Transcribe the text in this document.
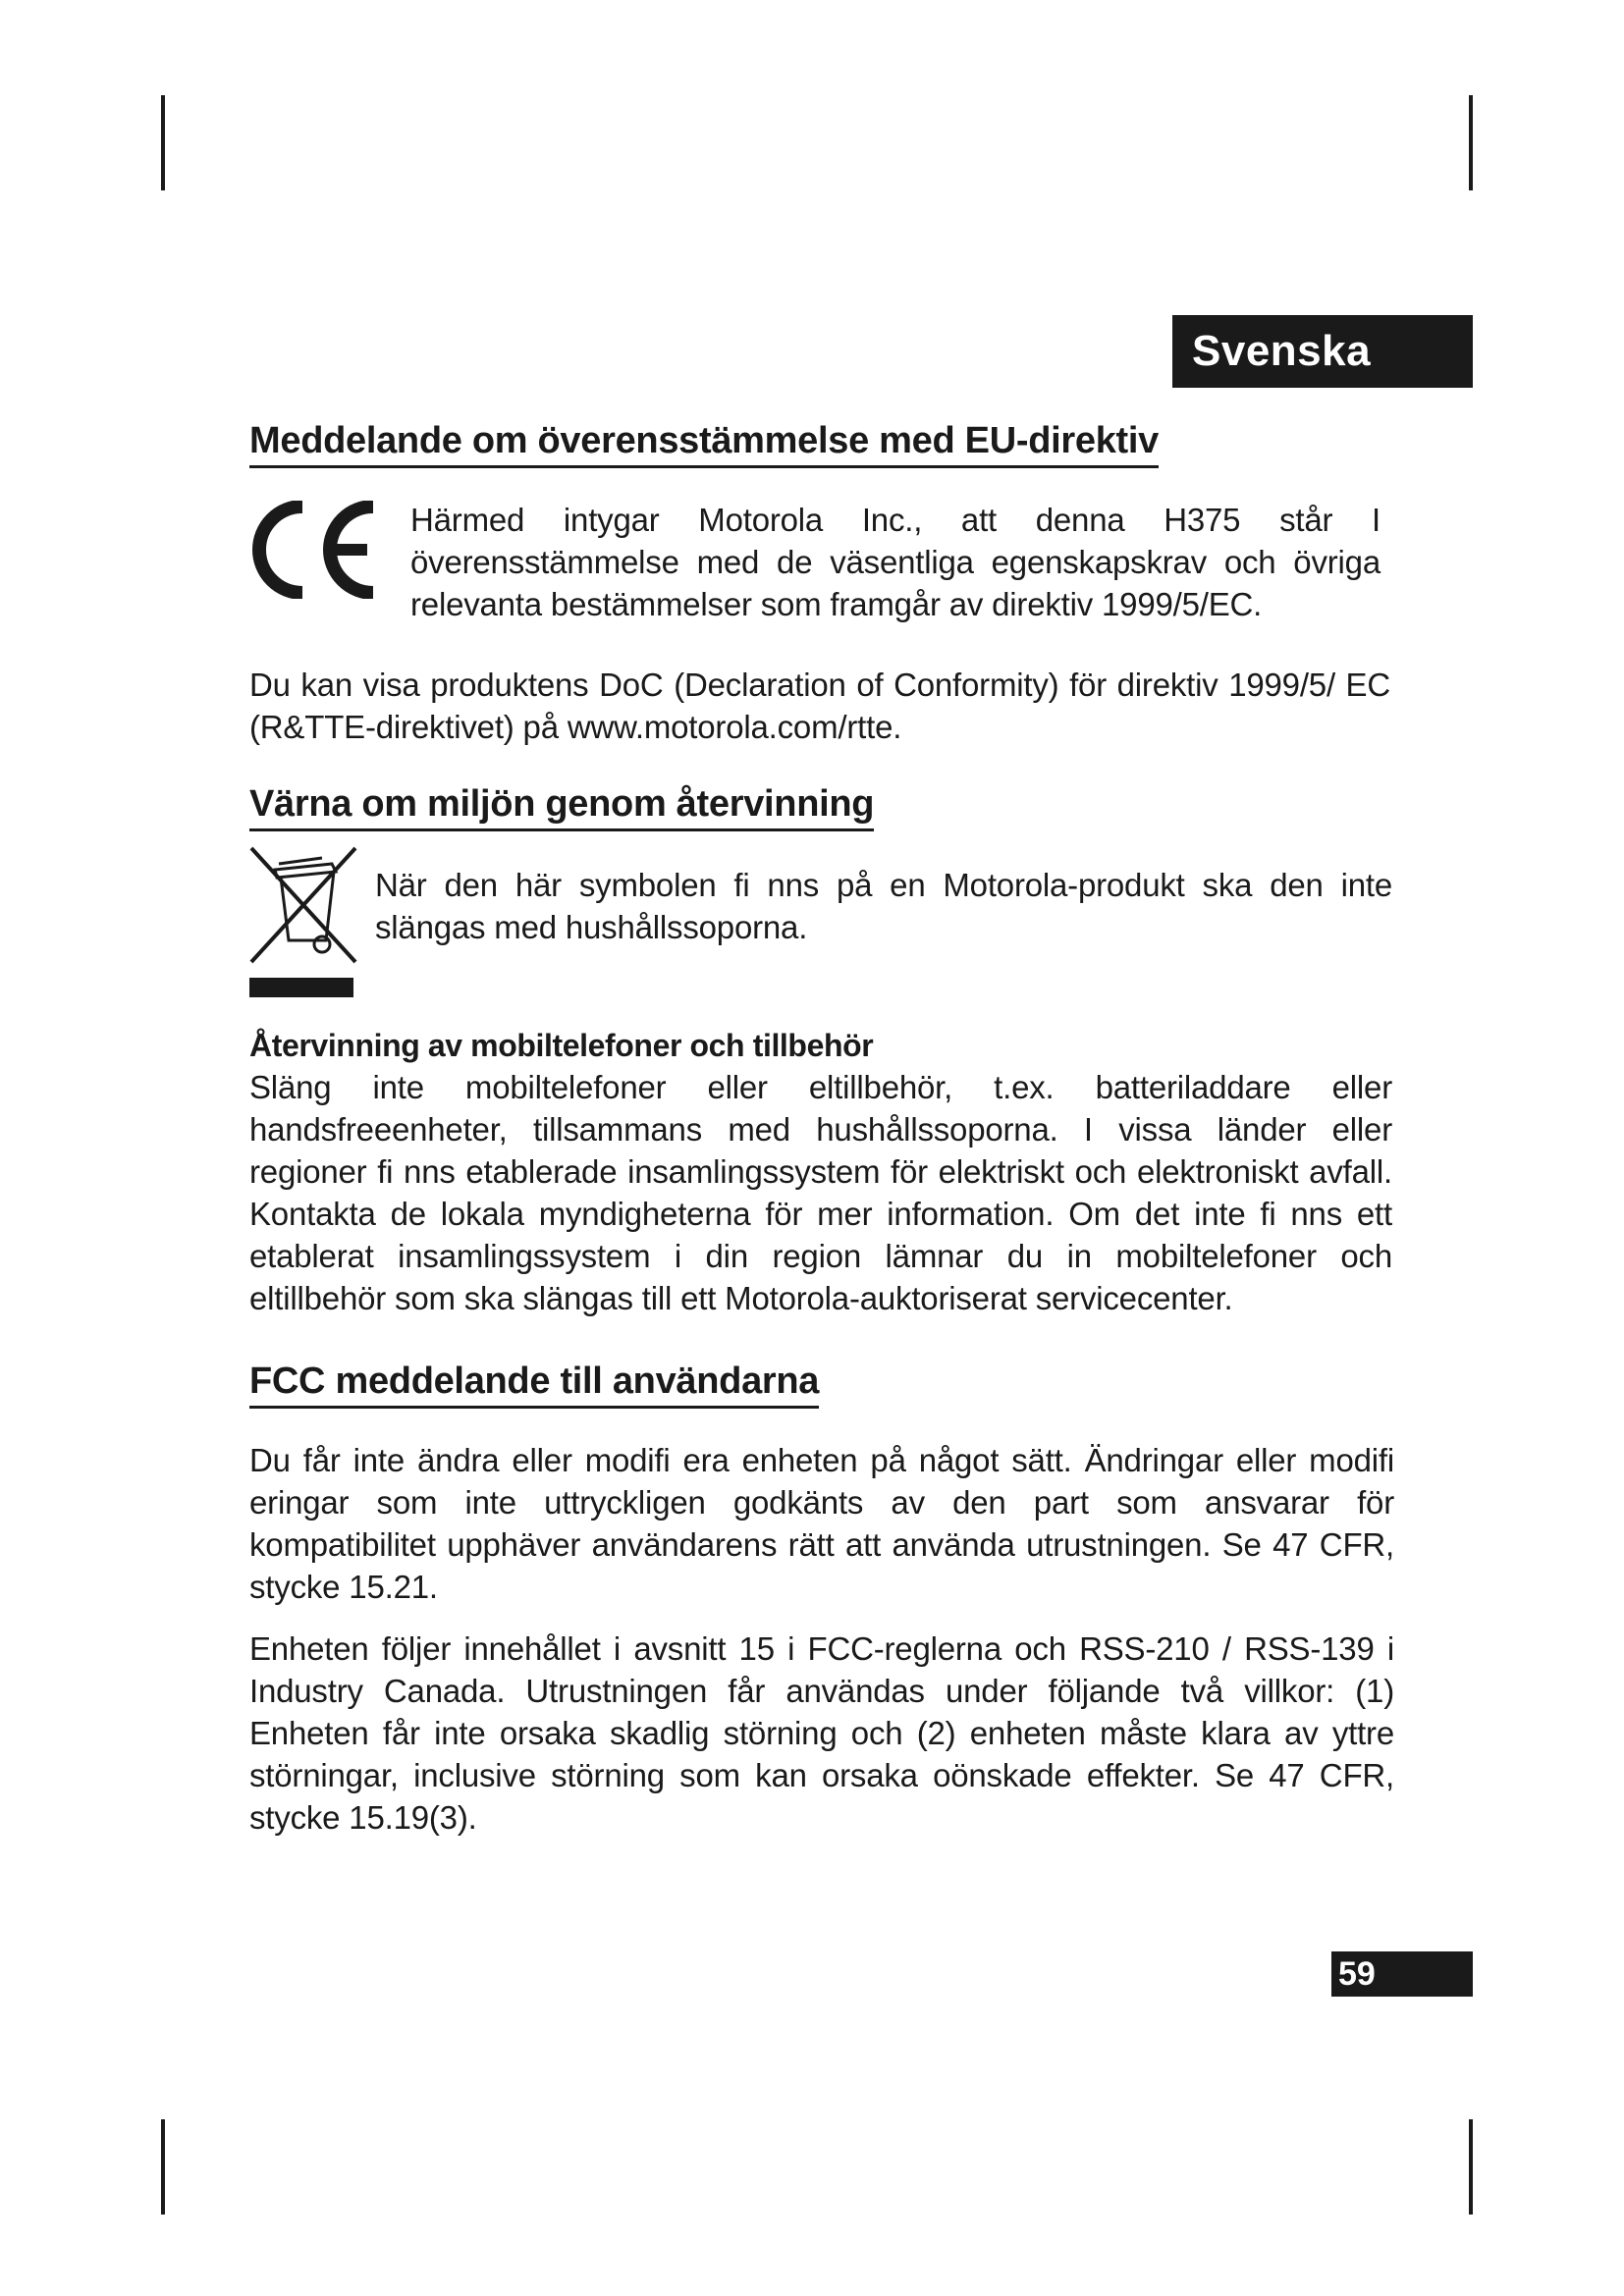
Svenska
Meddelande om överensstämmelse med EU-direktiv
Härmed intygar Motorola Inc., att denna H375 står I överensstämmelse med de väsentliga egenskapskrav och övriga relevanta bestämmelser som framgår av direktiv 1999/5/EC.
Du kan visa produktens DoC (Declaration of Conformity) för direktiv 1999/5/ EC (R&TTE-direktivet) på www.motorola.com/rtte.
Värna om miljön genom återvinning
När den här symbolen fi nns på en Motorola-produkt ska den inte slängas med hushållssoporna.
Återvinning av mobiltelefoner och tillbehör
Släng inte mobiltelefoner eller eltillbehör, t.ex. batteriladdare eller handsfreeenheter, tillsammans med hushållssoporna. I vissa länder eller regioner fi nns etablerade insamlingssystem för elektriskt och elektroniskt avfall. Kontakta de lokala myndigheterna för mer information. Om det inte fi nns ett etablerat insamlingssystem i din region lämnar du in mobiltelefoner och eltillbehör som ska slängas till ett Motorola-auktoriserat servicecenter.
FCC meddelande till användarna
Du får inte ändra eller modifi era enheten på något sätt. Ändringar eller modifi eringar som inte uttryckligen godkänts av den part som ansvarar för kompatibilitet upphäver användarens rätt att använda utrustningen. Se 47 CFR, stycke 15.21.
Enheten följer innehållet i avsnitt 15 i FCC-reglerna och RSS-210 / RSS-139 i Industry Canada. Utrustningen får användas under följande två villkor: (1) Enheten får inte orsaka skadlig störning och (2) enheten måste klara av yttre störningar, inclusive störning som kan orsaka oönskade effekter. Se 47 CFR, stycke 15.19(3).
59
